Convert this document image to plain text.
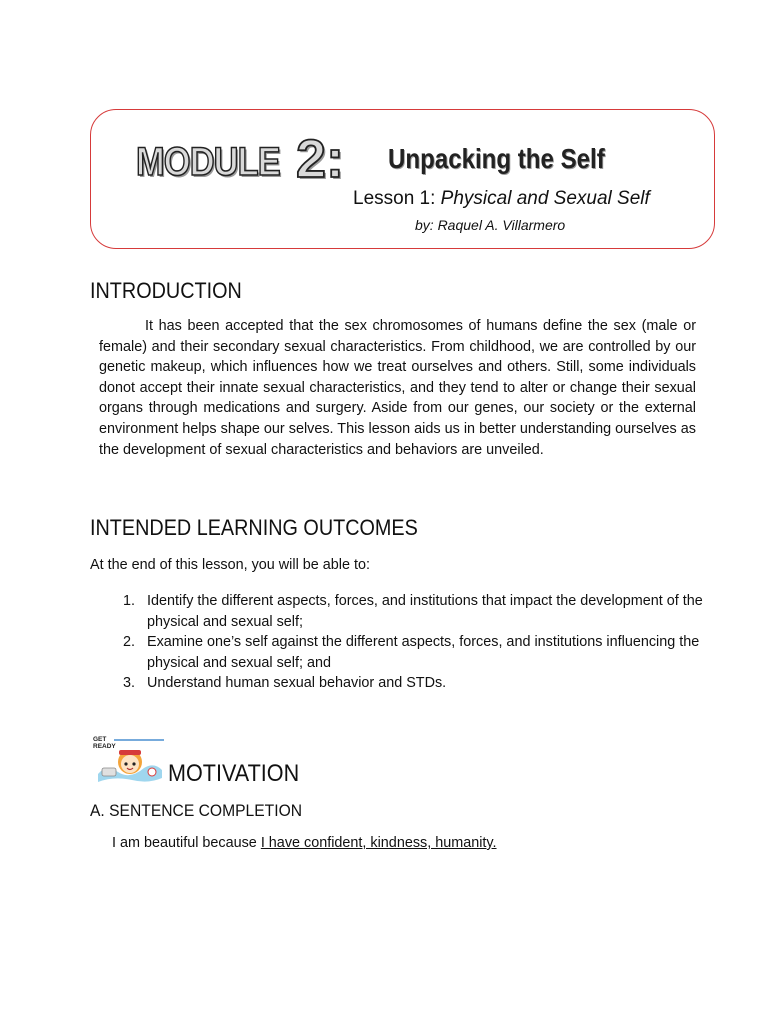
MODULE 2: Unpacking the Self
Lesson 1: Physical and Sexual Self
by: Raquel A. Villarmero
INTRODUCTION

It has been accepted that the sex chromosomes of humans define the sex (male or female) and their secondary sexual characteristics. From childhood, we are controlled by our genetic makeup, which influences how we treat ourselves and others. Still, some individuals donot accept their innate sexual characteristics, and they tend to alter or change their sexual organs through medications and surgery. Aside from our genes, our society or the external environment helps shape our selves. This lesson aids us in better understanding ourselves as the development of sexual characteristics and behaviors are unveiled.

INTENDED LEARNING OUTCOMES
At the end of this lesson, you will be able to:
1. Identify the different aspects, forces, and institutions that impact the development of the physical and sexual self;
2. Examine one’s self against the different aspects, forces, and institutions influencing the physical and sexual self; and
3. Understand human sexual behavior and STDs.
GET
READY
MOTIVATION
A. SENTENCE COMPLETION
I am beautiful because I have confident, kindness, humanity.
